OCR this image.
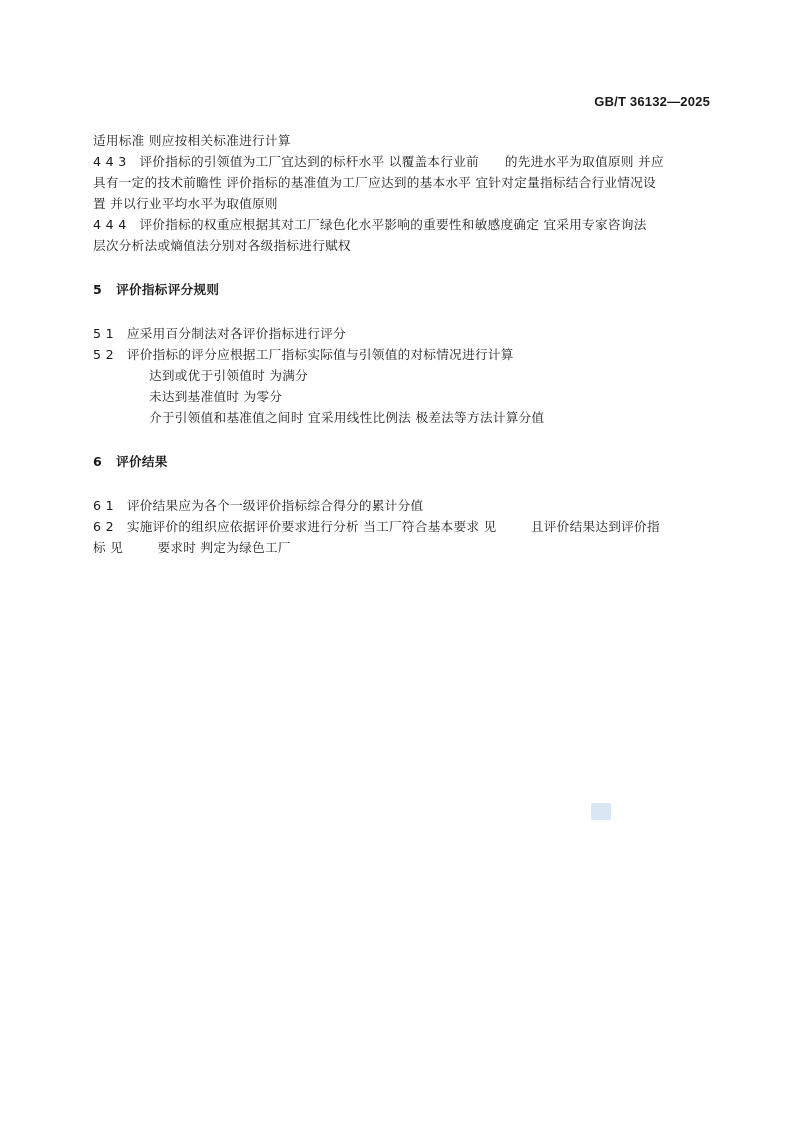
GB/T 36132—2025
适用标准 则应按相关标准进行计算
4 4 3   评价指标的引领值为工厂宜达到的标杆水平 以覆盖本行业前      的先进水平为取值原则 并应
具有一定的技术前瞻性 评价指标的基准值为工厂应达到的基本水平 宜针对定量指标结合行业情况设
置 并以行业平均水平为取值原则
4 4 4   评价指标的权重应根据其对工厂绿色化水平影响的重要性和敏感度确定 宜采用专家咨询法
层次分析法或熵值法分别对各级指标进行赋权
5   评价指标评分规则
5 1   应采用百分制法对各评价指标进行评分
5 2   评价指标的评分应根据工厂指标实际值与引领值的对标情况进行计算
达到或优于引领值时 为满分
未达到基准值时 为零分
介于引领值和基准值之间时 宜采用线性比例法 极差法等方法计算分值
6   评价结果
6 1   评价结果应为各个一级评价指标综合得分的累计分值
6 2   实施评价的组织应依据评价要求进行分析 当工厂符合基本要求 见        且评价结果达到评价指
标 见        要求时 判定为绿色工厂
